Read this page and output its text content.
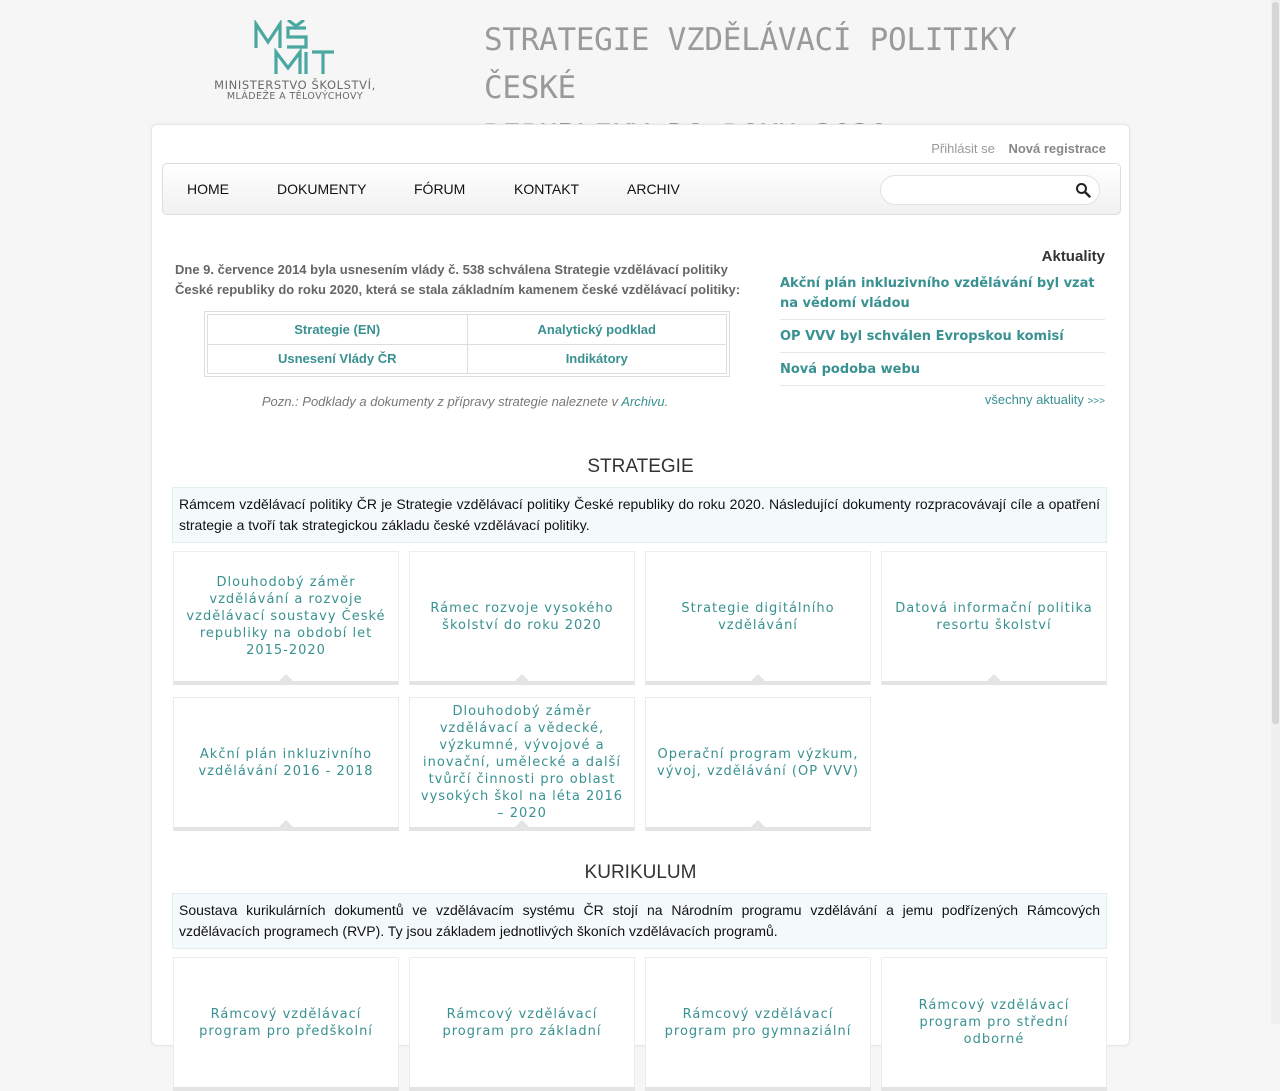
MINISTERSTVO ŠKOLSTVÍ,
MLÁDEŽE A TĚLOVÝCHOVY
STRATEGIE VZDĚLÁVACÍ POLITIKY ČESKÉ
Přihlásit se Nová registrace
HOME	DOKUMENTY	FÓRUM	KONTAKT	ARCHIV
Dne 9. července 2014 byla usnesením vlády č. 538 schválena Strategie vzdělávací politiky České republiky do roku 2020, která se stala základním kamenem české vzdělávací politiky:
Strategie (EN)	Analytický podklad
Usnesení Vlády ČR	Indikátory
Pozn.: Podklady a dokumenty z přípravy strategie naleznete v Archivu.
Aktuality
Akční plán inkluzivního vzdělávání byl vzat na vědomí vládou
OP VVV byl schválen Evropskou komisí
Nová podoba webu
všechny aktuality >>>
STRATEGIE
Rámcem vzdělávací politiky ČR je Strategie vzdělávací politiky České republiky do roku 2020. Následující dokumenty rozpracovávají cíle a opatření strategie a tvoří tak strategickou základu české vzdělávací politiky.
Dlouhodobý záměr vzdělávání a rozvoje vzdělávací soustavy České republiky na období let 2015-2020
Rámec rozvoje vysokého školství do roku 2020
Strategie digitálního vzdělávání
Datová informační politika resortu školství
Akční plán inkluzivního vzdělávání 2016 - 2018
Dlouhodobý záměr vzdělávací a vědecké, výzkumné, vývojové a inovační, umělecké a další tvůrčí činnosti pro oblast vysokých škol na léta 2016 – 2020
Operační program výzkum, vývoj, vzdělávání (OP VVV)
KURIKULUM
Soustava kurikulárních dokumentů ve vzdělávacím systému ČR stojí na Národním programu vzdělávání a jemu podřízených Rámcových vzdělávacích programech (RVP). Ty jsou základem jednotlivých škoních vzdělávacích programů.
Rámcový vzdělávací program pro předškolní
Rámcový vzdělávací program pro základní
Rámcový vzdělávací program pro gymnaziální
Rámcový vzdělávací program pro střední odborné
